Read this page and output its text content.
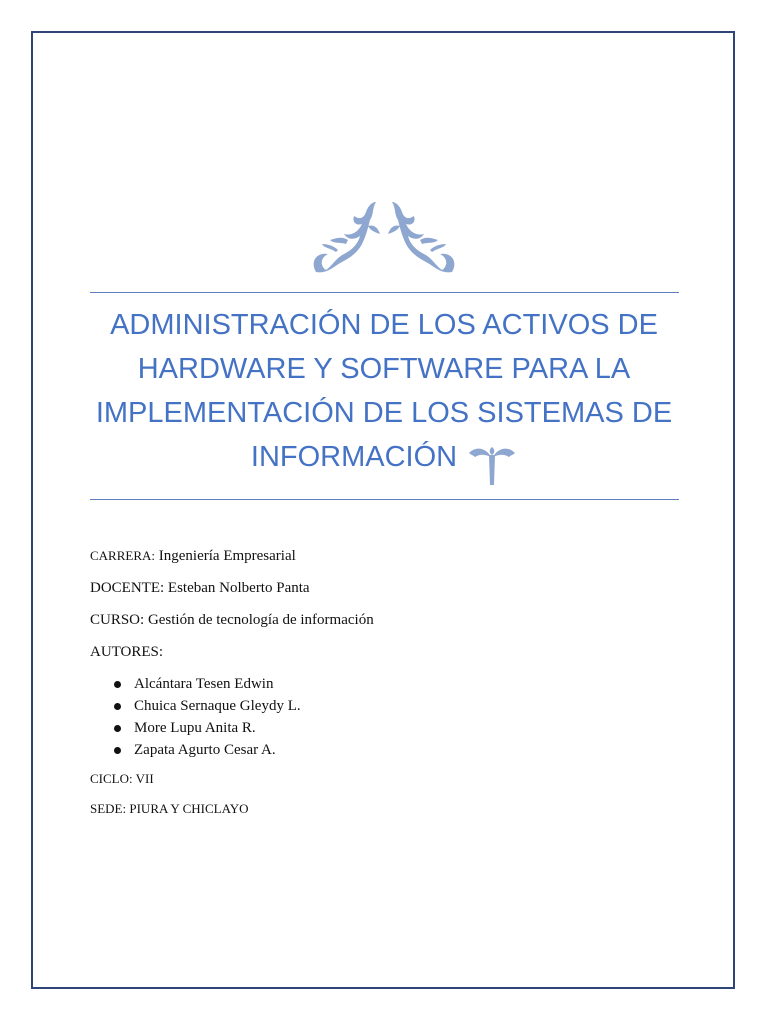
ADMINISTRACIÓN DE LOS ACTIVOS DE
HARDWARE Y SOFTWARE PARA LA
IMPLEMENTACIÓN DE LOS SISTEMAS DE
INFORMACIÓN

CARRERA: Ingeniería Empresarial

DOCENTE: Esteban Nolberto Panta

CURSO: Gestión de tecnología de información

AUTORES:

Alcántara Tesen Edwin
Chuica Sernaque Gleydy L.
More Lupu Anita R.
Zapata Agurto Cesar A.

CICLO: VII

SEDE: PIURA Y CHICLAYO
